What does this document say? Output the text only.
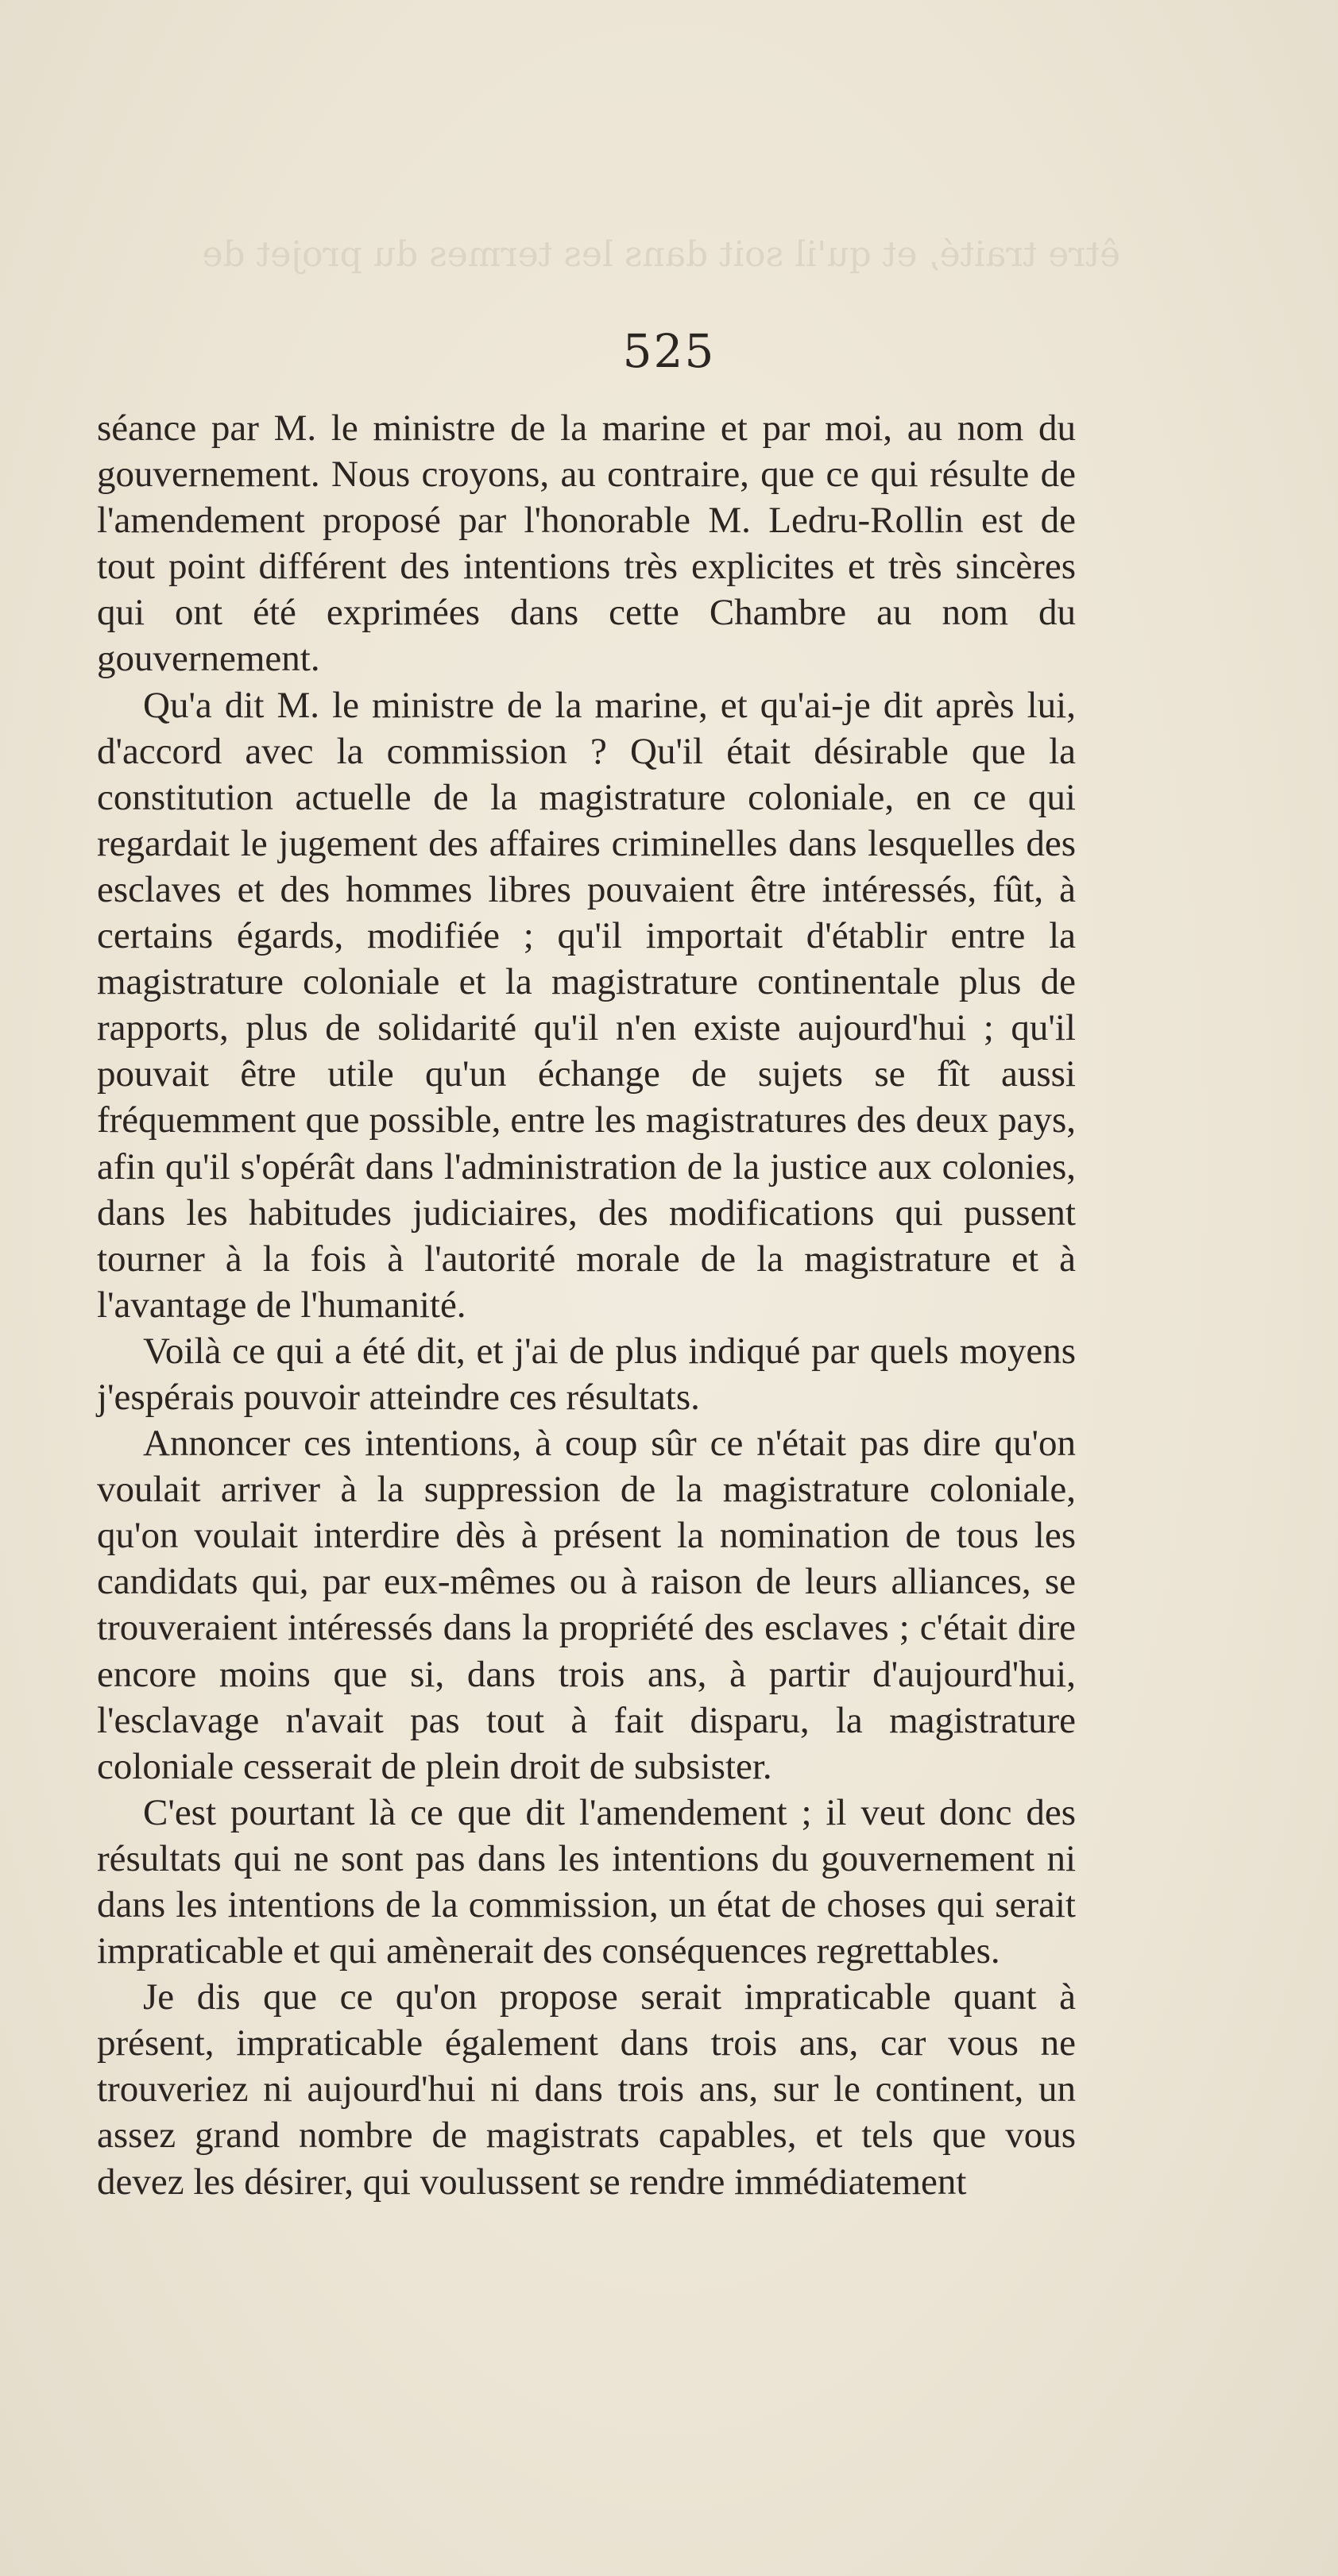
être traité, et qu'il soit dans les termes du projet de
525

séance par M. le ministre de la marine et par moi, au nom du gouvernement. Nous croyons, au contraire, que ce qui résulte de l'amendement proposé par l'honorable M. Ledru-Rollin est de tout point différent des intentions très explicites et très sincères qui ont été exprimées dans cette Chambre au nom du gouvernement.

Qu'a dit M. le ministre de la marine, et qu'ai-je dit après lui, d'accord avec la commission ? Qu'il était désirable que la constitution actuelle de la magistrature coloniale, en ce qui regardait le jugement des affaires criminelles dans lesquelles des esclaves et des hommes libres pouvaient être intéressés, fût, à certains égards, modifiée ; qu'il importait d'établir entre la magistrature coloniale et la magistrature continentale plus de rapports, plus de solidarité qu'il n'en existe aujourd'hui ; qu'il pouvait être utile qu'un échange de sujets se fît aussi fréquemment que possible, entre les magistratures des deux pays, afin qu'il s'opérât dans l'administration de la justice aux colonies, dans les habitudes judiciaires, des modifications qui pussent tourner à la fois à l'autorité morale de la magistrature et à l'avantage de l'humanité.

Voilà ce qui a été dit, et j'ai de plus indiqué par quels moyens j'espérais pouvoir atteindre ces résultats.

Annoncer ces intentions, à coup sûr ce n'était pas dire qu'on voulait arriver à la suppression de la magistrature coloniale, qu'on voulait interdire dès à présent la nomination de tous les candidats qui, par eux-mêmes ou à raison de leurs alliances, se trouveraient intéressés dans la propriété des esclaves ; c'était dire encore moins que si, dans trois ans, à partir d'aujourd'hui, l'esclavage n'avait pas tout à fait disparu, la magistrature coloniale cesserait de plein droit de subsister.

C'est pourtant là ce que dit l'amendement ; il veut donc des résultats qui ne sont pas dans les intentions du gouvernement ni dans les intentions de la commission, un état de choses qui serait impraticable et qui amènerait des conséquences regrettables.

Je dis que ce qu'on propose serait impraticable quant à présent, impraticable également dans trois ans, car vous ne trouveriez ni aujourd'hui ni dans trois ans, sur le continent, un assez grand nombre de magistrats capables, et tels que vous devez les désirer, qui voulussent se rendre immédiatement
